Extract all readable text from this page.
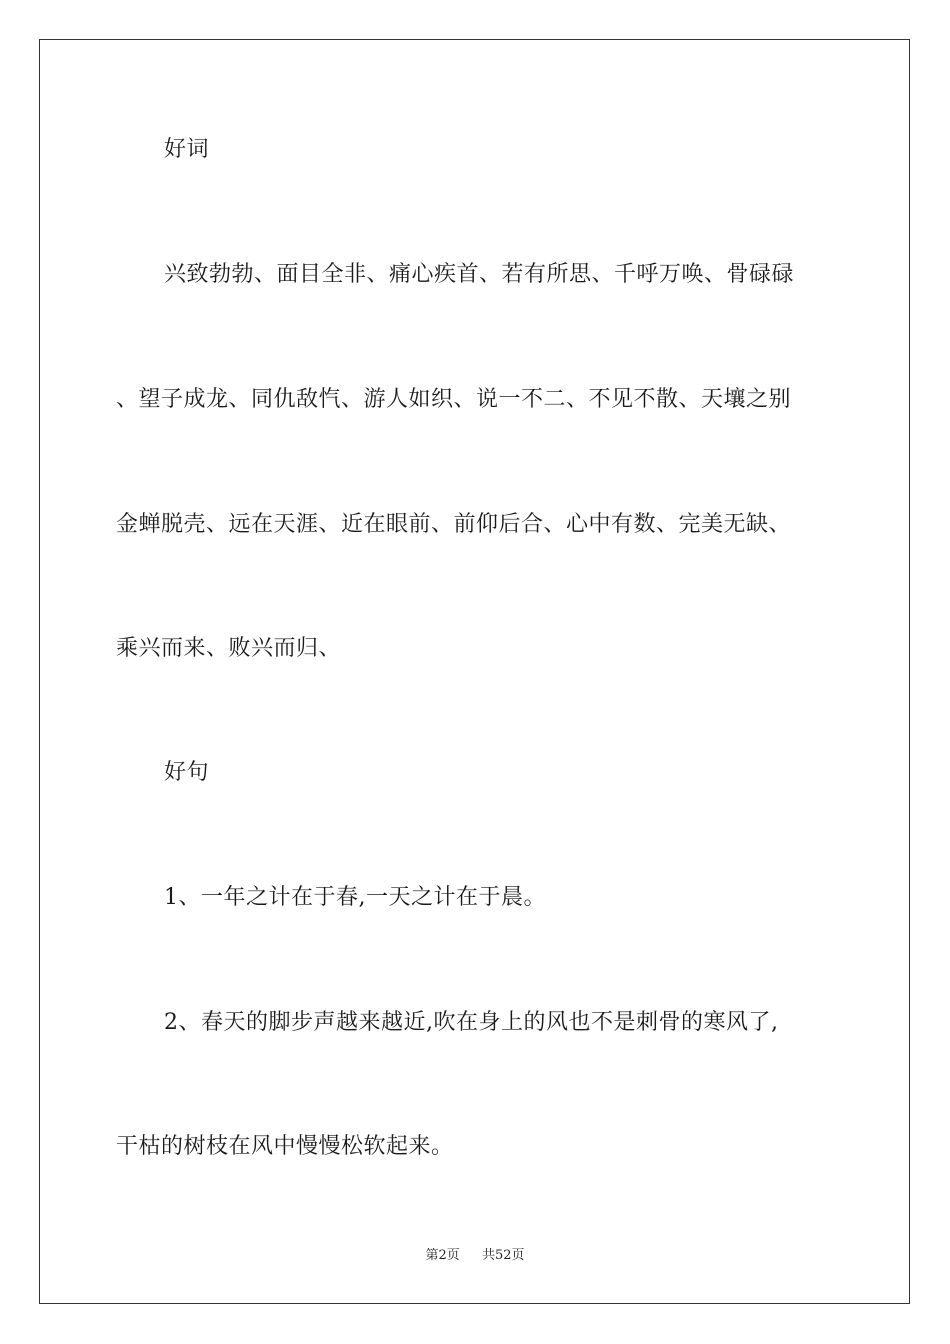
好词
兴致勃勃、面目全非、痛心疾首、若有所思、千呼万唤、骨碌碌
、望子成龙、同仇敌忾、游人如织、说一不二、不见不散、天壤之别
金蝉脱壳、远在天涯、近在眼前、前仰后合、心中有数、完美无缺、
乘兴而来、败兴而归、
好句
1、一年之计在于春,一天之计在于晨。
2、春天的脚步声越来越近,吹在身上的风也不是刺骨的寒风了,
干枯的树枝在风中慢慢松软起来。
第2页 共52页
